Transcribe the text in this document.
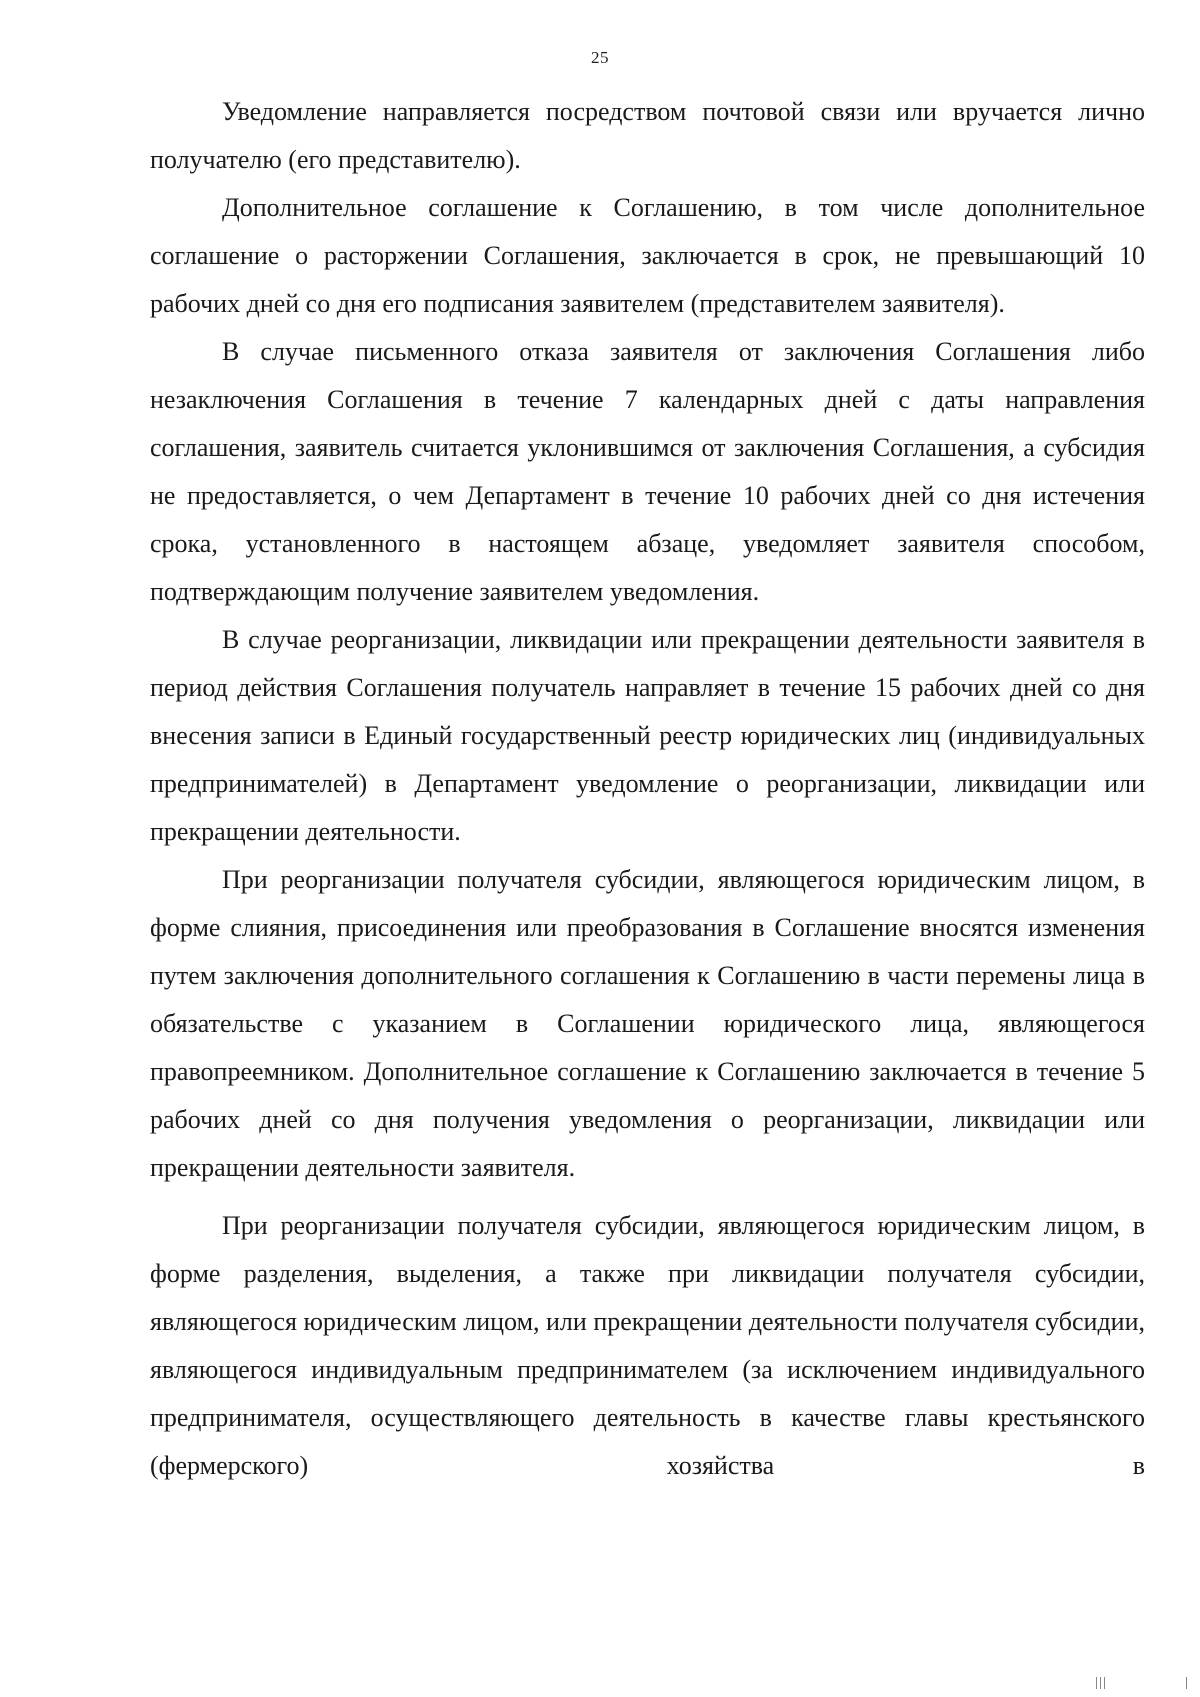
25

Уведомление направляется посредством почтовой связи или вручается лично получателю (его представителю).

Дополнительное соглашение к Соглашению, в том числе дополнительное соглашение о расторжении Соглашения, заключается в срок, не превышающий 10 рабочих дней со дня его подписания заявителем (представителем заявителя).

В случае письменного отказа заявителя от заключения Соглашения либо незаключения Соглашения в течение 7 календарных дней с даты направления соглашения, заявитель считается уклонившимся от заключения Соглашения, а субсидия не предоставляется, о чем Департамент в течение 10 рабочих дней со дня истечения срока, установленного в настоящем абзаце, уведомляет заявителя способом, подтверждающим получение заявителем уведомления.

В случае реорганизации, ликвидации или прекращении деятельности заявителя в период действия Соглашения получатель направляет в течение 15 рабочих дней со дня внесения записи в Единый государственный реестр юридических лиц (индивидуальных предпринимателей) в Департамент уведомление о реорганизации, ликвидации или прекращении деятельности.

При реорганизации получателя субсидии, являющегося юридическим лицом, в форме слияния, присоединения или преобразования в Соглашение вносятся изменения путем заключения дополнительного соглашения к Соглашению в части перемены лица в обязательстве с указанием в Соглашении юридического лица, являющегося правопреемником. Дополнительное соглашение к Соглашению заключается в течение 5 рабочих дней со дня получения уведомления о реорганизации, ликвидации или прекращении деятельности заявителя.

При реорганизации получателя субсидии, являющегося юридическим лицом, в форме разделения, выделения, а также при ликвидации получателя субсидии, являющегося юридическим лицом, или прекращении деятельности получателя субсидии, являющегося индивидуальным предпринимателем (за исключением индивидуального предпринимателя, осуществляющего деятельность в качестве главы крестьянского (фермерского) хозяйства в
